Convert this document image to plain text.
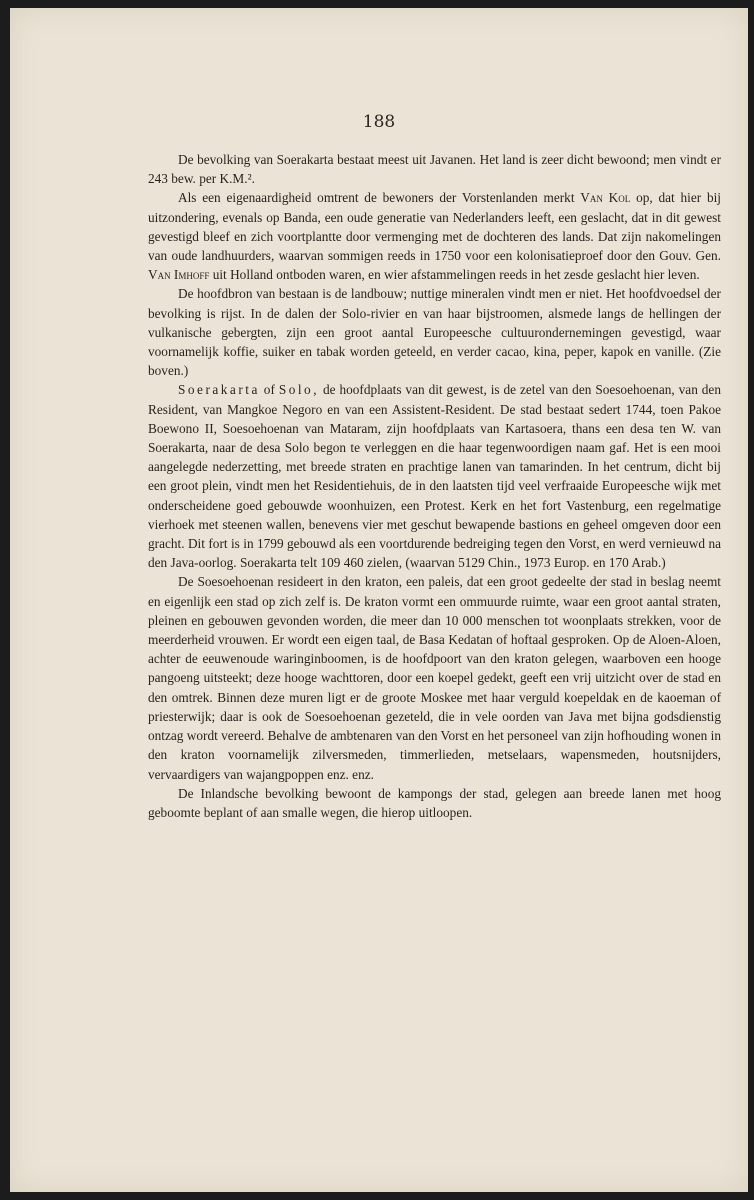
188

De bevolking van Soerakarta bestaat meest uit Javanen. Het land is zeer dicht bewoond; men vindt er 243 bew. per K.M.².

Als een eigenaardigheid omtrent de bewoners der Vorstenlanden merkt Van Kol op, dat hier bij uitzondering, evenals op Banda, een oude generatie van Nederlanders leeft, een geslacht, dat in dit gewest gevestigd bleef en zich voortplantte door vermenging met de dochteren des lands. Dat zijn nakomelingen van oude landhuurders, waarvan sommigen reeds in 1750 voor een kolonisatieproef door den Gouv. Gen. Van Imhoff uit Holland ontboden waren, en wier afstammelingen reeds in het zesde geslacht hier leven.

De hoofdbron van bestaan is de landbouw; nuttige mineralen vindt men er niet. Het hoofdvoedsel der bevolking is rijst. In de dalen der Solo-rivier en van haar bijstroomen, alsmede langs de hellingen der vulkanische gebergten, zijn een groot aantal Europeesche cultuurondernemingen gevestigd, waar voornamelijk koffie, suiker en tabak worden geteeld, en verder cacao, kina, peper, kapok en vanille. (Zie boven.)

Soerakarta of Solo, de hoofdplaats van dit gewest, is de zetel van den Soesoehoenan, van den Resident, van Mangkoe Negoro en van een Assistent-Resident. De stad bestaat sedert 1744, toen Pakoe Boewono II, Soesoehoenan van Mataram, zijn hoofdplaats van Kartasoera, thans een desa ten W. van Soerakarta, naar de desa Solo begon te verleggen en die haar tegenwoordigen naam gaf. Het is een mooi aangelegde nederzetting, met breede straten en prachtige lanen van tamarinden. In het centrum, dicht bij een groot plein, vindt men het Residentiehuis, de in den laatsten tijd veel verfraaide Europeesche wijk met onderscheidene goed gebouwde woonhuizen, een Protest. Kerk en het fort Vastenburg, een regelmatige vierhoek met steenen wallen, benevens vier met geschut bewapende bastions en geheel omgeven door een gracht. Dit fort is in 1799 gebouwd als een voortdurende bedreiging tegen den Vorst, en werd vernieuwd na den Java-oorlog. Soerakarta telt 109 460 zielen, (waarvan 5129 Chin., 1973 Europ. en 170 Arab.)

De Soesoehoenan resideert in den kraton, een paleis, dat een groot gedeelte der stad in beslag neemt en eigenlijk een stad op zich zelf is. De kraton vormt een ommuurde ruimte, waar een groot aantal straten, pleinen en gebouwen gevonden worden, die meer dan 10 000 menschen tot woonplaats strekken, voor de meerderheid vrouwen. Er wordt een eigen taal, de Basa Kedatan of hoftaal gesproken. Op de Aloen-Aloen, achter de eeuwenoude waringinboomen, is de hoofdpoort van den kraton gelegen, waarboven een hooge pangoeng uitsteekt; deze hooge wachttoren, door een koepel gedekt, geeft een vrij uitzicht over de stad en den omtrek. Binnen deze muren ligt er de groote Moskee met haar verguld koepeldak en de kaoeman of priesterwijk; daar is ook de Soesoehoenan gezeteld, die in vele oorden van Java met bijna godsdienstig ontzag wordt vereerd. Behalve de ambtenaren van den Vorst en het personeel van zijn hofhouding wonen in den kraton voornamelijk zilversmeden, timmerlieden, metselaars, wapensmeden, houtsnijders, vervaardigers van wajangpoppen enz. enz.

De Inlandsche bevolking bewoont de kampongs der stad, gelegen aan breede lanen met hoog geboomte beplant of aan smalle wegen, die hierop uitloopen.
